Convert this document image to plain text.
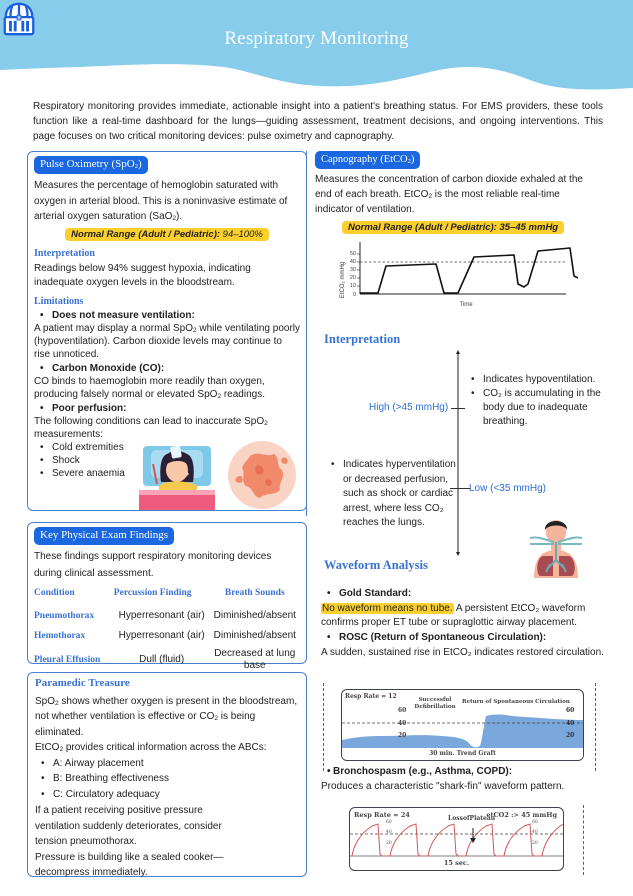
Respiratory Monitoring

Respiratory monitoring provides immediate, actionable insight into a patient's breathing status. For EMS providers, these tools function like a real-time dashboard for the lungs—guiding assessment, treatment decisions, and ongoing interventions. This page focuses on two critical monitoring devices: pulse oximetry and capnography.

Pulse Oximetry (SpO$_2$)

Measures the percentage of hemoglobin saturated with oxygen in arterial blood. This is a noninvasive estimate of arterial oxygen saturation (SaO$_2$).

Normal Range (Adult / Pediatric): 94–100%
Interpretation

Readings below 94% suggest hypoxia, indicating inadequate oxygen levels in the bloodstream.

Limitations
• Does not measure ventilation:

A patient may display a normal SpO$_2$ while ventilating poorly (hypoventilation). Carbon dioxide levels may continue to rise unnoticed.

• Carbon Monoxide (CO):

CO binds to haemoglobin more readily than oxygen, producing falsely normal or elevated SpO$_2$ readings.

• Poor perfusion:

The following conditions can lead to inaccurate SpO$_2$ measurements:

• Cold extremities
• Shock
• Severe anaemia
Key Physical Exam Findings

These findings support respiratory monitoring devices during clinical assessment.

Condition	Percussion Finding	Breath Sounds
Pneumothorax	Hyperresonant (air)	Diminished/absent
Hemothorax	Hyperresonant (air)	Diminished/absent
Pleural Effusion	Dull (fluid)	Decreased at lung base
Paramedic Treasure

SpO$_2$ shows whether oxygen is present in the bloodstream, not whether ventilation is effective or $CO_2$ is being eliminated.

EtCO$_2$ provides critical information across the ABCs:

• A: Airway placement
• B: Breathing effectiveness
• C: Circulatory adequacy

If a patient receiving positive pressure ventilation suddenly deteriorates, consider tension pneumothorax.

Pressure is building like a sealed cooker—decompress immediately.

Capnography (EtCO$_2$)

Measures the concentration of carbon dioxide exhaled at the end of each breath. EtCO$_2$ is the most reliable real-time indicator of ventilation.

Normal Range (Adult / Pediatric): 35–45 mmHg
EtCO₂ mmHg 0
10
20
30
40
50
Time
Interpretation
High (>45 mmHg)
• Indicates hypoventilation.
• CO₂ is accumulating in the body due to inadequate breathing.
• Indicates hyperventilation or decreased perfusion, such as shock or cardiac arrest, where less CO₂ reaches the lungs.
Low (<35 mmHg)
Waveform Analysis
• Gold Standard:

No waveform means no tube. A persistent EtCO₂ waveform confirms proper ET tube or supraglottic airway placement.

• ROSC (Return of Spontaneous Circulation):

A sudden, sustained rise in EtCO₂ indicates restored circulation.

Resp Rate = 12	Successful Defibrillation
Return of Spontaneous Circulation
60
40
20
60
40
20
30 min. Trend Graft
• Bronchospasm (e.g., Asthma, COPD):

Produces a characteristic "shark-fin" waveform pattern.

Resp Rate = 24	LossofPlateau
etCO2 :> 45 mmHg
60
40
20
60
40
20
15 sec.
